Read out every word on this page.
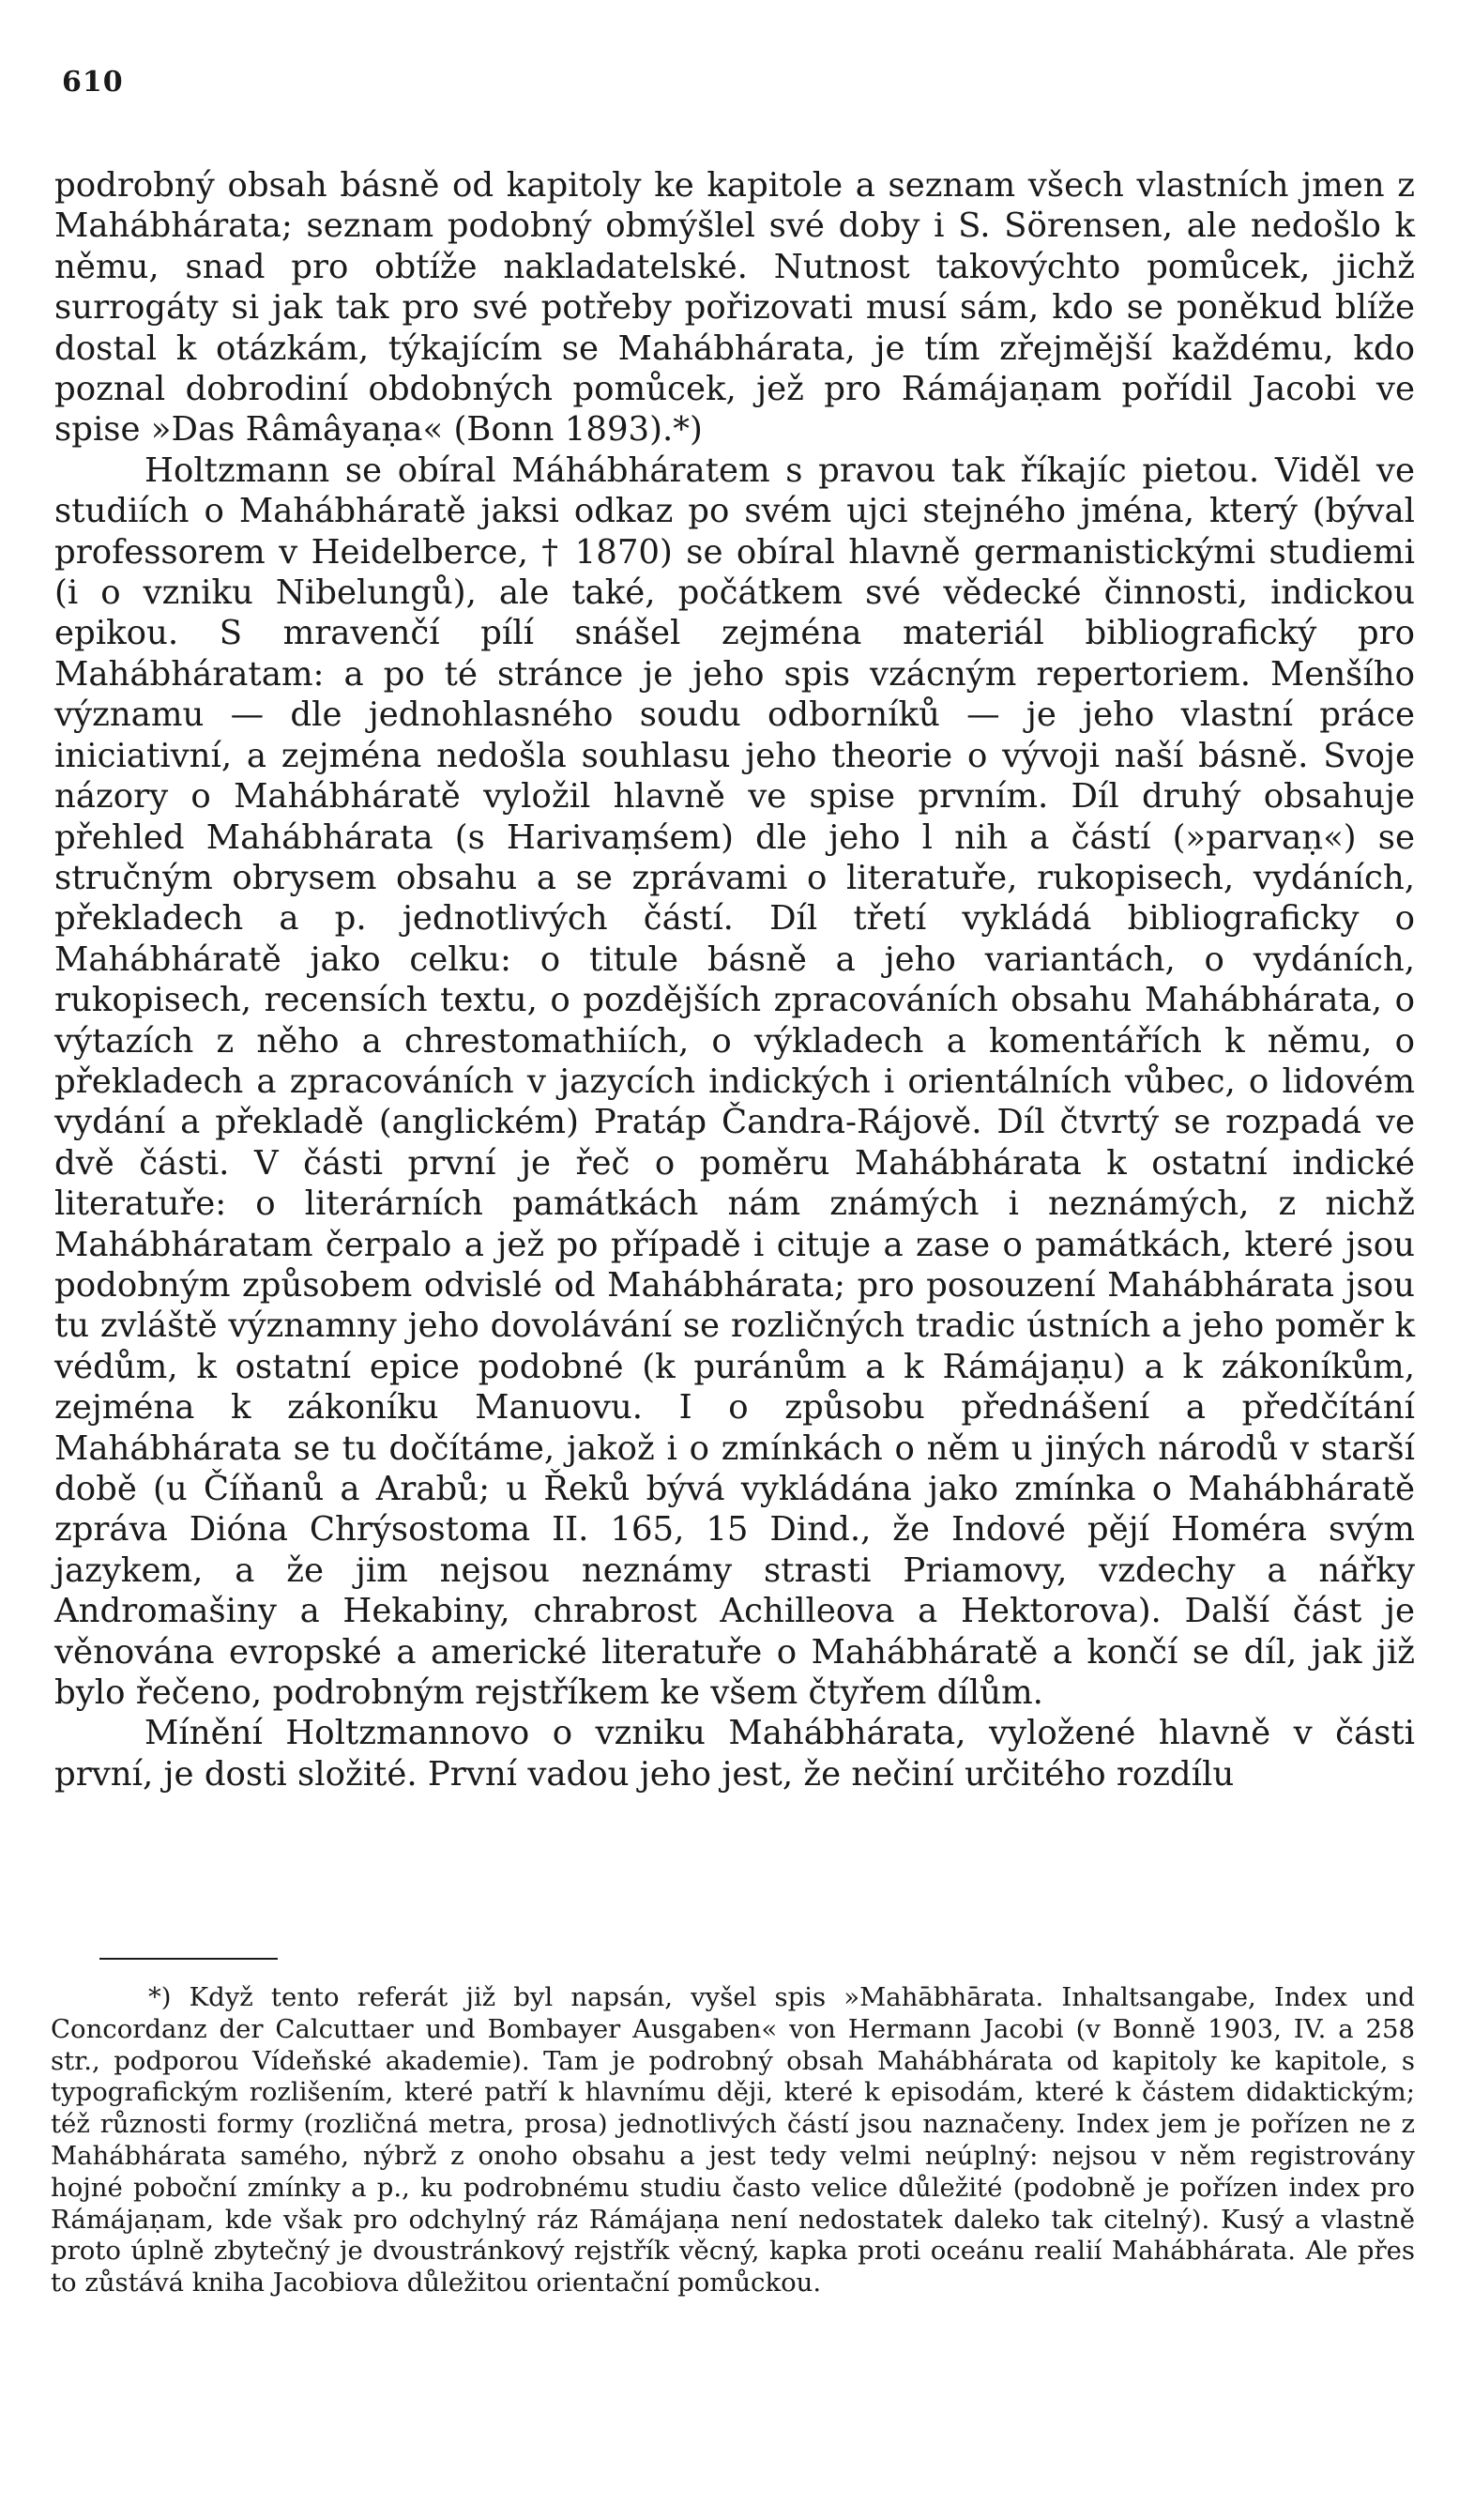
610

podrobný obsah básně od kapitoly ke kapitole a seznam všech vlastních jmen z Mahábhárata; seznam podobný obmýšlel své doby i S. Sörensen, ale nedošlo k němu, snad pro obtíže nakladatelské. Nutnost takovýchto pomůcek, jichž surrogáty si jak tak pro své potřeby pořizovati musí sám, kdo se poněkud blíže dostal k otázkám, týkajícím se Mahábhárata, je tím zřejmější každému, kdo poznal dobrodiní obdobných pomůcek, jež pro Rámájaṇam pořídil Jacobi ve spise »Das Râmâyaṇa« (Bonn 1893).*)

Holtzmann se obíral Máhábháratem s pravou tak říkajíc pietou. Viděl ve studiích o Mahábháratě jaksi odkaz po svém ujci stejného jména, který (býval professorem v Heidelberce, † 1870) se obíral hlavně germanistickými studiemi (i o vzniku Nibelungů), ale také, počátkem své vědecké činnosti, indickou epikou. S mravenčí pílí snášel zejména materiál bibliografický pro Mahábháratam: a po té stránce je jeho spis vzácným repertoriem. Menšího významu — dle jednohlasného soudu odborníků — je jeho vlastní práce iniciativní, a zejména nedošla souhlasu jeho theorie o vývoji naší básně. Svoje názory o Mahábháratě vyložil hlavně ve spise prvním. Díl druhý obsahuje přehled Mahábhárata (s Harivaṃśem) dle jeho l nih a částí (»parvaṇ«) se stručným obrysem obsahu a se zprávami o literatuře, rukopisech, vydáních, překladech a p. jednotlivých částí. Díl třetí vykládá bibliograficky o Mahábháratě jako celku: o titule básně a jeho variantách, o vydáních, rukopisech, recensích textu, o pozdějších zpracováních obsahu Mahábhárata, o výtazích z něho a chrestomathiích, o výkladech a komentářích k němu, o překladech a zpracováních v jazycích indických i orientálních vůbec, o lidovém vydání a překladě (anglickém) Pratáp Čandra-Rájově. Díl čtvrtý se rozpadá ve dvě části. V části první je řeč o poměru Mahábhárata k ostatní indické literatuře: o literárních památkách nám známých i neznámých, z nichž Mahábháratam čerpalo a jež po případě i cituje a zase o památkách, které jsou podobným způsobem odvislé od Mahábhárata; pro posouzení Mahábhárata jsou tu zvláště významny jeho dovolávání se rozličných tradic ústních a jeho poměr k védům, k ostatní epice podobné (k puránům a k Rámájaṇu) a k zákoníkům, zejména k zákoníku Manuovu. I o způsobu přednášení a předčítání Mahábhárata se tu dočítáme, jakož i o zmínkách o něm u jiných národů v starší době (u Číňanů a Arabů; u Řeků bývá vykládána jako zmínka o Mahábháratě zpráva Dióna Chrýsostoma II. 165, 15 Dind., že Indové pějí Homéra svým jazykem, a že jim nejsou neznámy strasti Priamovy, vzdechy a nářky Andromašiny a Hekabiny, chrabrost Achilleova a Hektorova). Další část je věnována evropské a americké literatuře o Mahábháratě a končí se díl, jak již bylo řečeno, podrobným rejstříkem ke všem čtyřem dílům.

Mínění Holtzmannovo o vzniku Mahábhárata, vyložené hlavně v části první, je dosti složité. První vadou jeho jest, že nečiní určitého rozdílu

*) Když tento referát již byl napsán, vyšel spis »Mahābhārata. Inhaltsangabe, Index und Concordanz der Calcuttaer und Bombayer Ausgaben« von Hermann Jacobi (v Bonně 1903, IV. a 258 str., podporou Vídeňské akademie). Tam je podrobný obsah Mahábhárata od kapitoly ke kapitole, s typografickým rozlišením, které patří k hlavnímu ději, které k episodám, které k částem didaktickým; též různosti formy (rozličná metra, prosa) jednotlivých částí jsou naznačeny. Index jem je pořízen ne z Mahábhárata samého, nýbrž z onoho obsahu a jest tedy velmi neúplný: nejsou v něm registrovány hojné poboční zmínky a p., ku podrobnému studiu často velice důležité (podobně je pořízen index pro Rámájaṇam, kde však pro odchylný ráz Rámájaṇa není nedostatek daleko tak citelný). Kusý a vlastně proto úplně zbytečný je dvoustránkový rejstřík věcný, kapka proti oceánu realií Mahábhárata. Ale přes to zůstává kniha Jacobiova důležitou orientační pomůckou.
